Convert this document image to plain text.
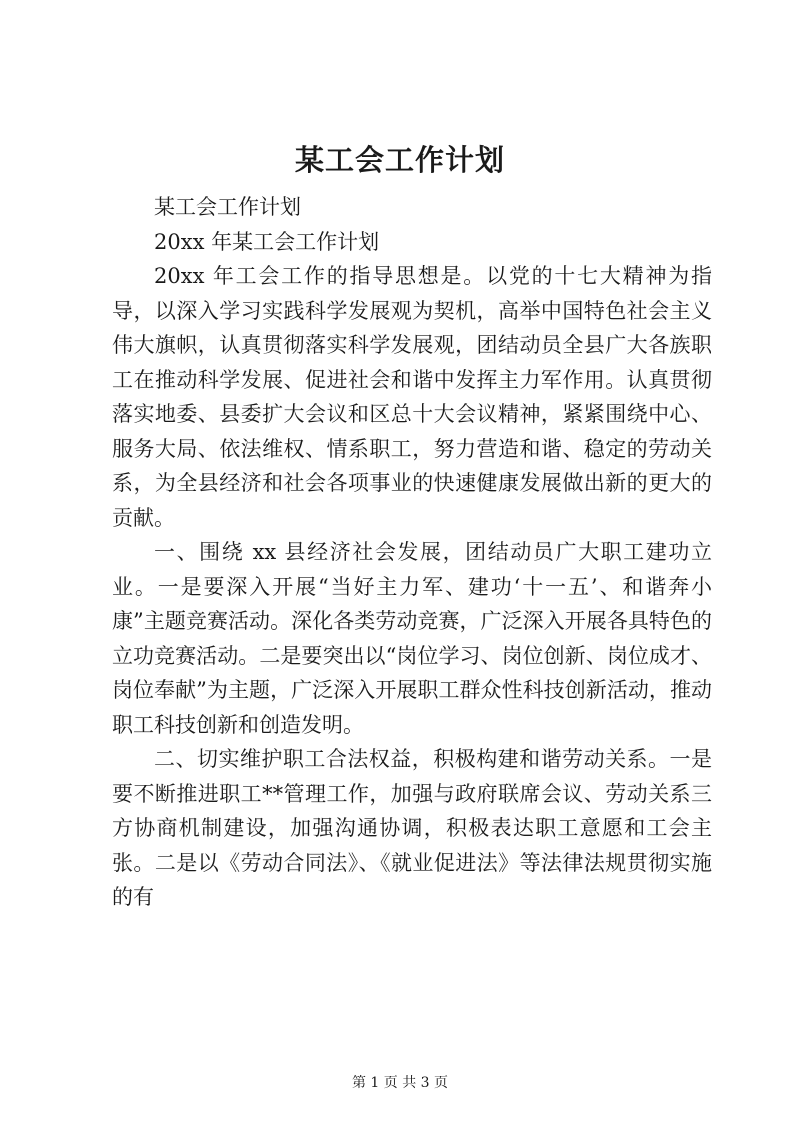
某工会工作计划

某工会工作计划

20xx 年某工会工作计划

20xx 年工会工作的指导思想是。以党的十七大精神为指导，以深入学习实践科学发展观为契机，高举中国特色社会主义伟大旗帜，认真贯彻落实科学发展观，团结动员全县广大各族职工在推动科学发展、促进社会和谐中发挥主力军作用。认真贯彻落实地委、县委扩大会议和区总十大会议精神，紧紧围绕中心、服务大局、依法维权、情系职工，努力营造和谐、稳定的劳动关系，为全县经济和社会各项事业的快速健康发展做出新的更大的贡献。

一、围绕 xx 县经济社会发展，团结动员广大职工建功立业。一是要深入开展“当好主力军、建功‘十一五’、和谐奔小康”主题竞赛活动。深化各类劳动竞赛，广泛深入开展各具特色的立功竞赛活动。二是要突出以“岗位学习、岗位创新、岗位成才、岗位奉献”为主题，广泛深入开展职工群众性科技创新活动，推动职工科技创新和创造发明。

二、切实维护职工合法权益，积极构建和谐劳动关系。一是要不断推进职工**管理工作，加强与政府联席会议、劳动关系三方协商机制建设，加强沟通协调，积极表达职工意愿和工会主张。二是以《劳动合同法》、《就业促进法》等法律法规贯彻实施的有

第 1 页 共 3 页
